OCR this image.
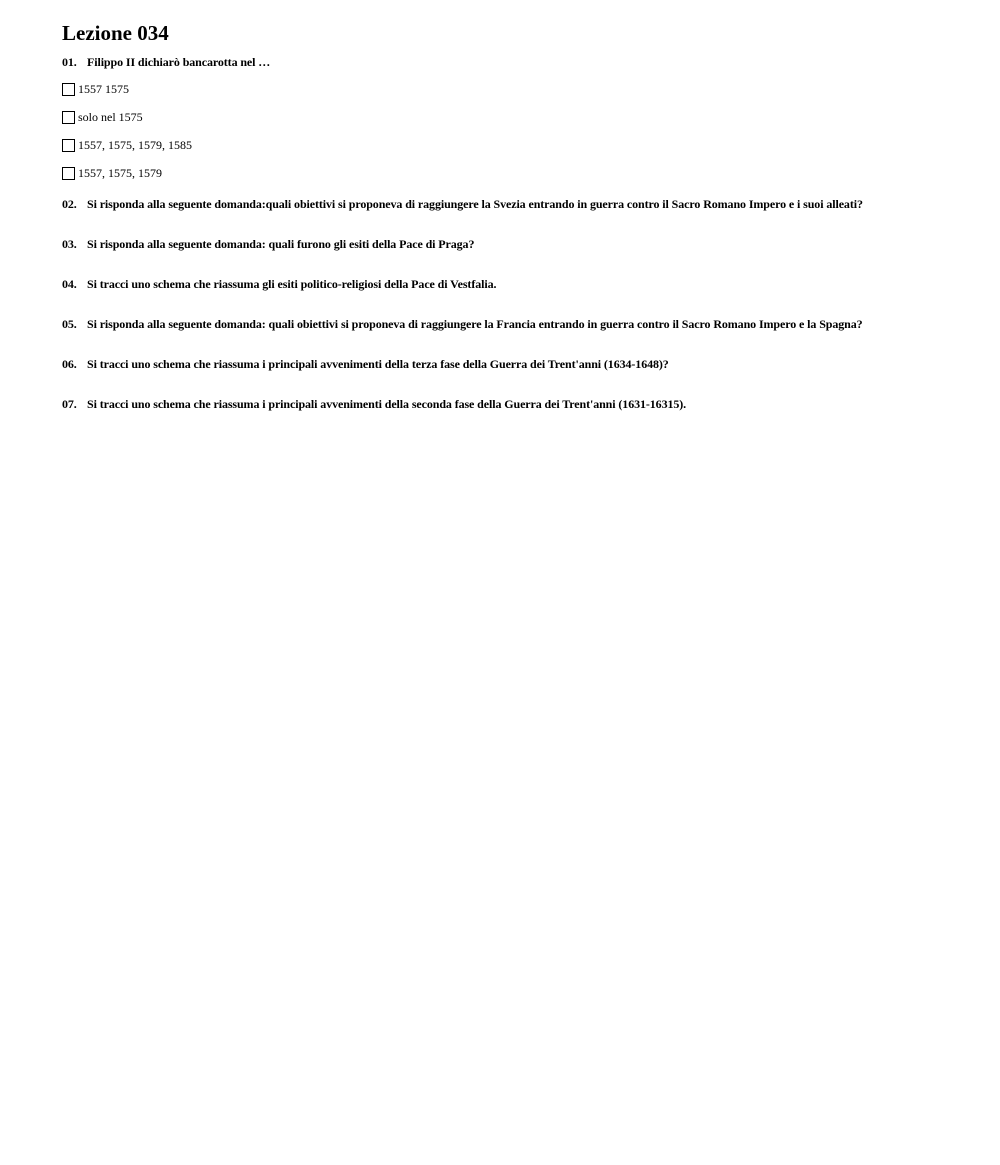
Lezione 034
01. Filippo II dichiarò bancarotta nel …
1557 1575
solo nel 1575
1557, 1575, 1579, 1585
1557, 1575, 1579
02. Si risponda alla seguente domanda:quali obiettivi si proponeva di raggiungere la Svezia entrando in guerra contro il Sacro Romano Impero e i suoi alleati?
03. Si risponda alla seguente domanda: quali furono gli esiti della Pace di Praga?
04. Si tracci uno schema che riassuma gli esiti politico-religiosi della Pace di Vestfalia.
05. Si risponda alla seguente domanda: quali obiettivi si proponeva di raggiungere la Francia entrando in guerra contro il Sacro Romano Impero e la Spagna?
06. Si tracci uno schema che riassuma i principali avvenimenti della terza fase della Guerra dei Trent'anni (1634-1648)?
07. Si tracci uno schema che riassuma i principali avvenimenti della seconda fase della Guerra dei Trent'anni (1631-16315).
